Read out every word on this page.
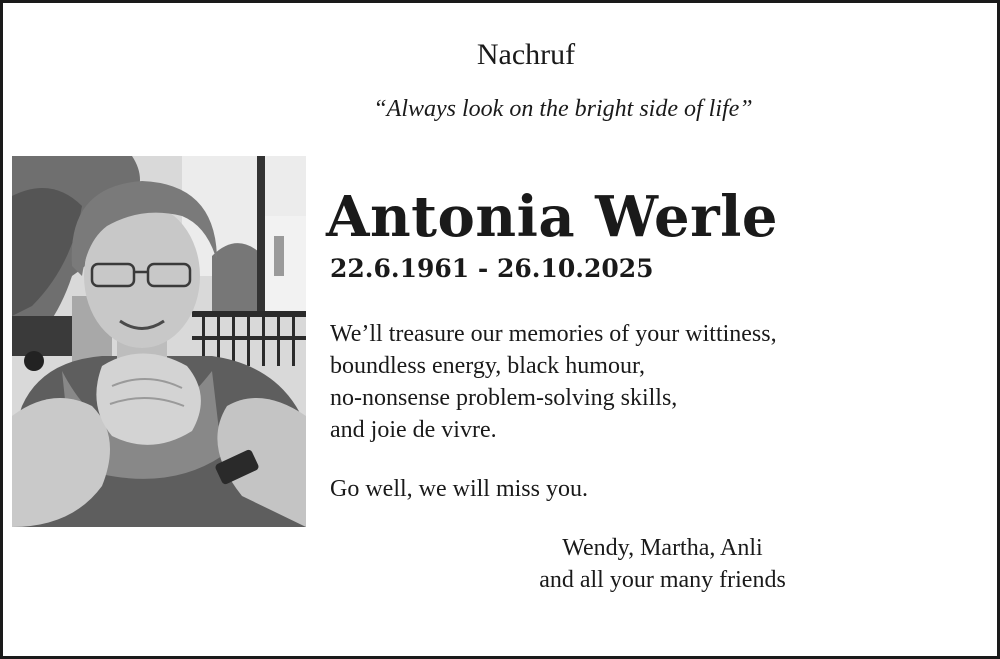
Nachruf
“Always look on the bright side of life”
Antonia Werle
22.6.1961 - 26.10.2025
We’ll treasure our memories of your wittiness,
boundless energy, black humour,
no-nonsense problem-solving skills,
and joie de vivre.
Go well, we will miss you.
Wendy, Martha, Anli
and all your many friends
